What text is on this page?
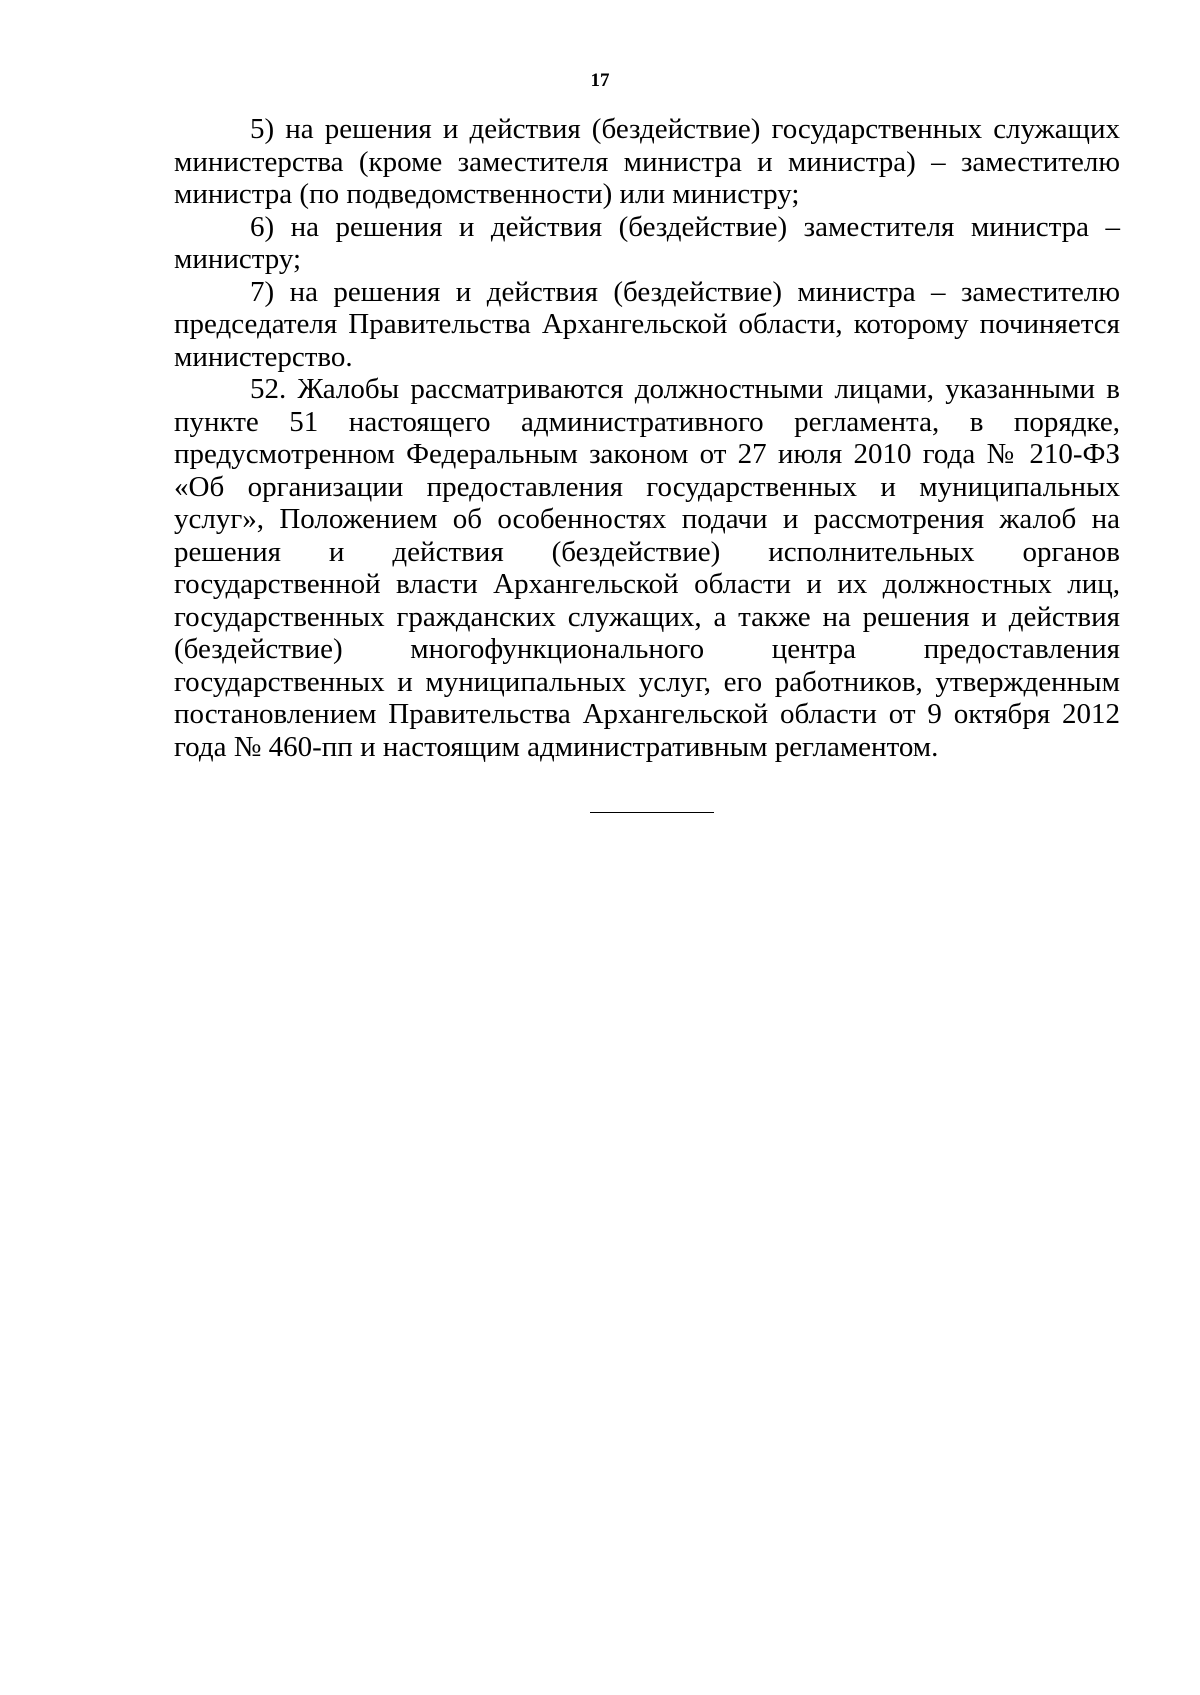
17

5) на решения и действия (бездействие) государственных служащих министерства (кроме заместителя министра и министра) – заместителю министра (по подведомственности) или министру;

6) на решения и действия (бездействие) заместителя министра – министру;

7) на решения и действия (бездействие) министра – заместителю председателя Правительства Архангельской области, которому починяется министерство.

52. Жалобы рассматриваются должностными лицами, указанными в пункте 51 настоящего административного регламента, в порядке, предусмотренном Федеральным законом от 27 июля 2010 года № 210-ФЗ «Об организации предоставления государственных и муниципальных услуг», Положением об особенностях подачи и рассмотрения жалоб на решения и действия (бездействие) исполнительных органов государственной власти Архангельской области и их должностных лиц, государственных гражданских служащих, а также на решения и действия (бездействие) многофункционального центра предоставления государственных и муниципальных услуг, его работников, утвержденным постановлением Правительства Архангельской области от 9 октября 2012 года № 460-пп и настоящим административным регламентом.
